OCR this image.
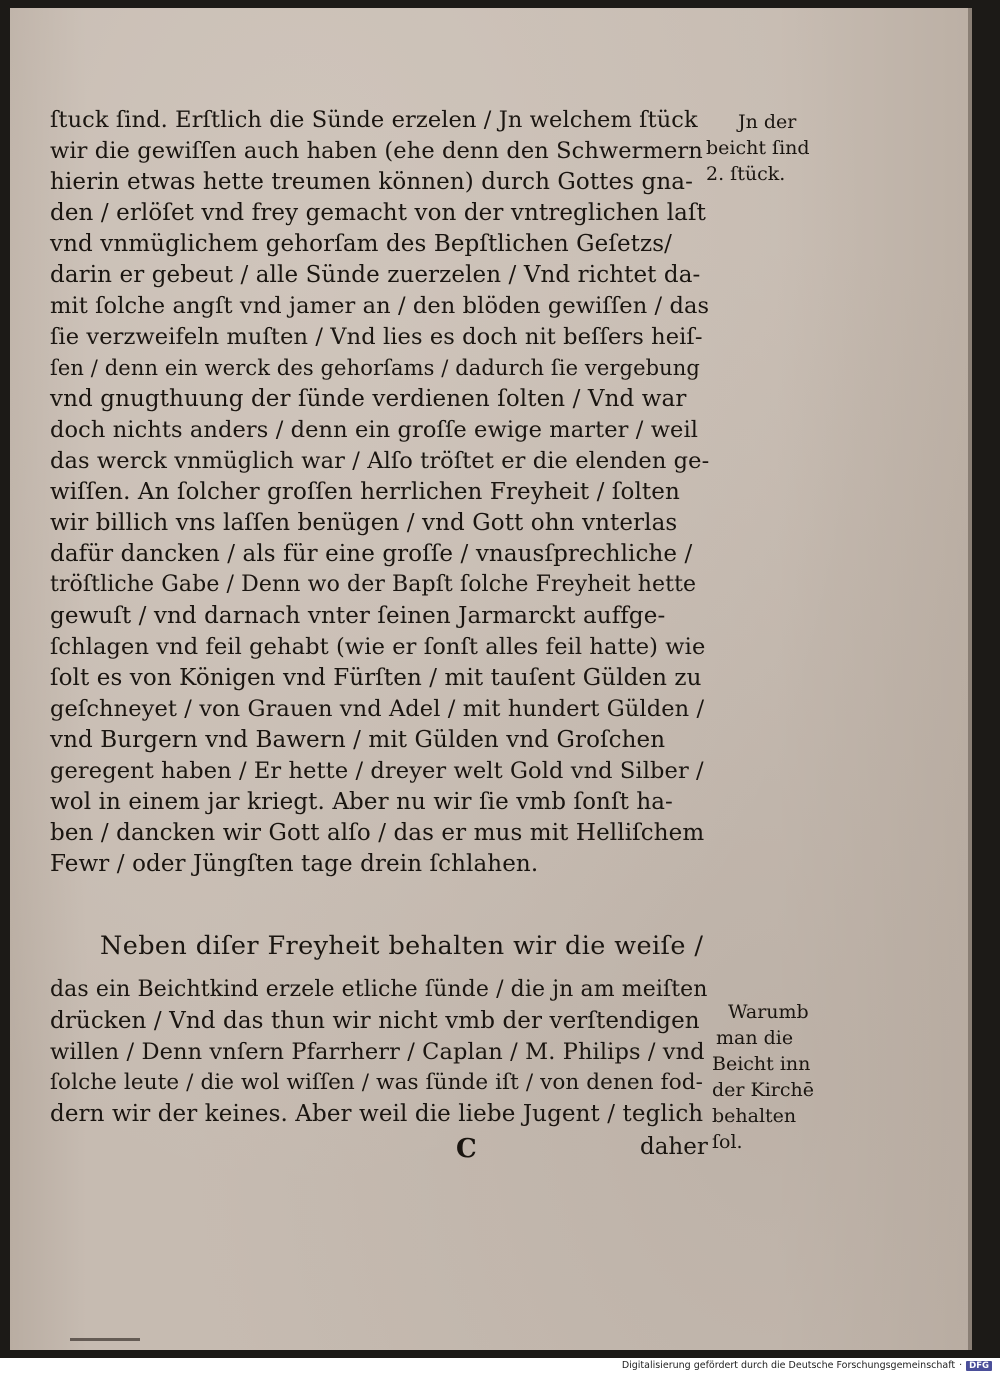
ſtuck ſind. Erſtlich die Sünde erzelen / Jn welchem ſtück
wir die gewiſſen auch haben (ehe denn den Schwermern
hierin etwas hette treumen können) durch Gottes gna-
den / erlöſet vnd frey gemacht von der vntreglichen laſt
vnd vnmüglichem gehorſam des Bepſtlichen Geſetzs/
darin er gebeut / alle Sünde zuerzelen / Vnd richtet da-
mit ſolche angſt vnd jamer an / den blöden gewiſſen / das
ſie verzweifeln muſten / Vnd lies es doch nit beſſers heiſ-
ſen / denn ein werck des gehorſams / dadurch ſie vergebung
vnd gnugthuung der ſünde verdienen ſolten / Vnd war
doch nichts anders / denn ein groſſe ewige marter / weil
das werck vnmüglich war / Alſo tröſtet er die elenden ge-
wiſſen. An ſolcher groſſen herrlichen Freyheit / ſolten
wir billich vns laſſen benügen / vnd Gott ohn vnterlas
dafür dancken / als für eine groſſe / vnausſprechliche /
tröſtliche Gabe / Denn wo der Bapſt ſolche Freyheit hette
gewuſt / vnd darnach vnter ſeinen Jarmarckt auffge-
ſchlagen vnd feil gehabt (wie er ſonſt alles feil hatte) wie
ſolt es von Königen vnd Fürſten / mit tauſent Gülden zu
geſchneyet / von Grauen vnd Adel / mit hundert Gülden /
vnd Burgern vnd Bawern / mit Gülden vnd Groſchen
geregent haben / Er hette / dreyer welt Gold vnd Silber /
wol in einem jar kriegt. Aber nu wir ſie vmb ſonſt ha-
ben / dancken wir Gott alſo / das er mus mit Helliſchem
Fewr / oder Jüngſten tage drein ſchlahen.
Neben diſer Freyheit behalten wir die weiſe /
das ein Beichtkind erzele etliche ſünde / die jn am meiſten
drücken / Vnd das thun wir nicht vmb der verſtendigen
willen / Denn vnſern Pfarrherr / Caplan / M. Philips / vnd
ſolche leute / die wol wiſſen / was ſünde iſt / von denen fod-
dern wir der keines. Aber weil die liebe Jugent / teglich
Jn der
beicht ſind
2. ſtück.
Warumb
man die
Beicht inn
der Kirchē
behalten
ſol.
C	daher
Digitalisierung gefördert durch die Deutsche Forschungsgemeinschaft · DFG
